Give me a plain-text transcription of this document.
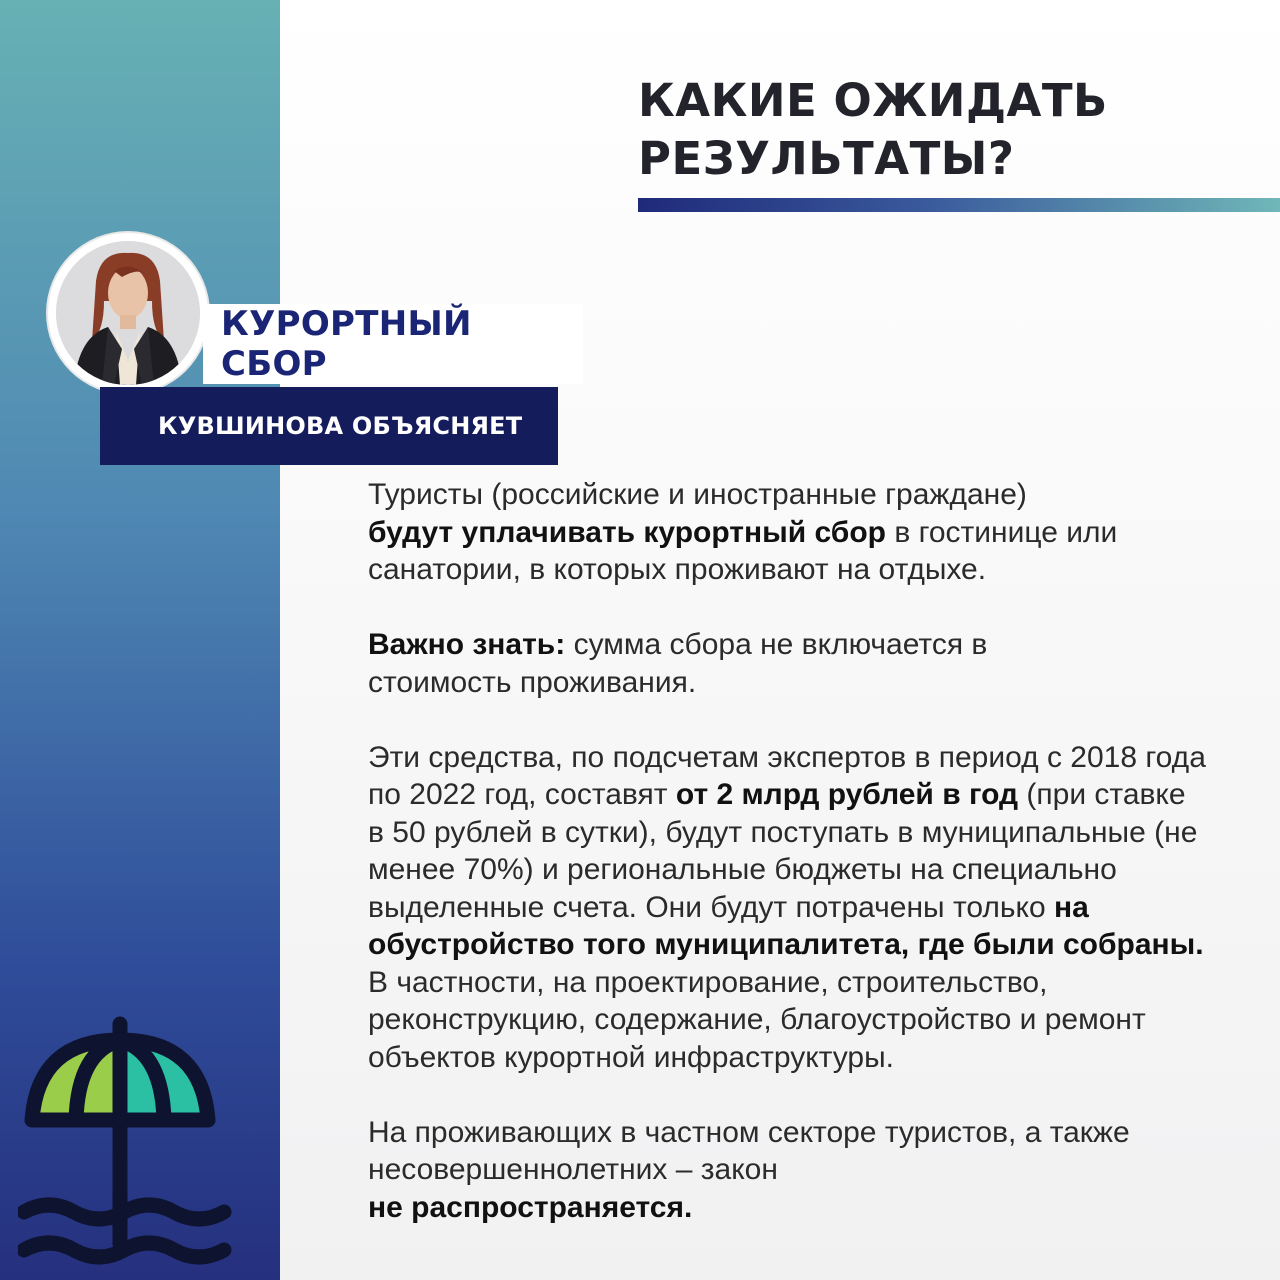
КАКИЕ ОЖИДАТЬ
РЕЗУЛЬТАТЫ?
КУРОРТНЫЙ СБОР
КУВШИНОВА ОБЪЯСНЯЕТ

Туристы (российские и иностранные граждане)
будут уплачивать курортный сбор в гостинице или санатории, в которых проживают на отдыхе.

Важно знать: сумма сбора не включается в стоимость проживания.

Эти средства, по подсчетам экспертов в период с 2018 года по 2022 год, составят от 2 млрд рублей в год (при ставке в 50 рублей в сутки), будут поступать в муниципальные (не менее 70%) и региональные бюджеты на специально выделенные счета. Они будут потрачены только на обустройство того муниципалитета, где были собраны. В частности, на проектирование, строительство, реконструкцию, содержание, благоустройство и ремонт объектов курортной инфраструктуры.

На проживающих в частном секторе туристов, а также несовершеннолетних – закон
не распространяется.
